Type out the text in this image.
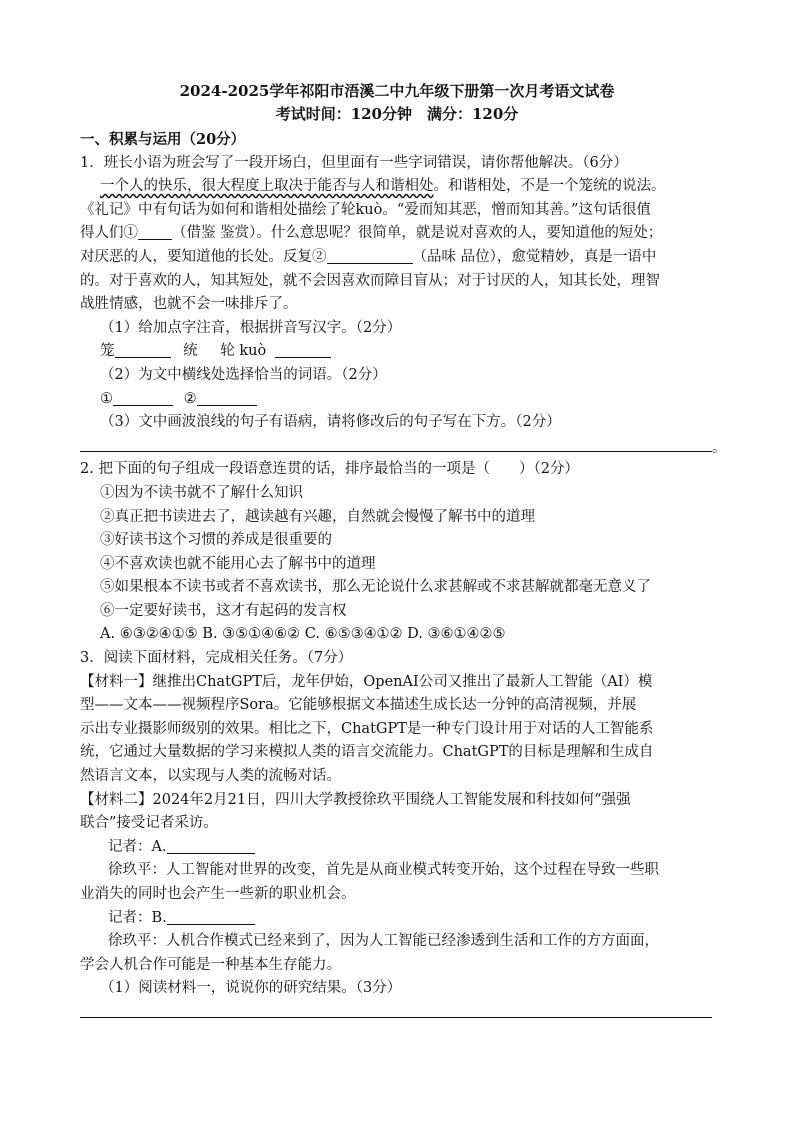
2024-2025学年祁阳市浯溪二中九年级下册第一次月考语文试卷
考试时间：120分钟　满分：120分
一、积累与运用（20分）
1．班长小语为班会写了一段开场白，但里面有一些字词错误，请你帮他解决。（6分）
一个人的快乐，很大程度上取决于能否与人和谐相处。和谐相处，不是一个笼统的说法。
《礼记》中有句话为如何和谐相处描绘了轮kuò。“爱而知其恶，憎而知其善。”这句话很值
得人们① （借鉴 鉴赏）。什么意思呢？很简单，就是说对喜欢的人，要知道他的短处；
对厌恶的人，要知道他的长处。反复②	（品味 品位），愈觉精妙，真是一语中
的。对于喜欢的人，知其短处，就不会因喜欢而障目盲从；对于讨厌的人，知其长处，理智
战胜情感，也就不会一味排斥了。
（1）给加点字注音，根据拼音写汉字。（2分）
笼	统 轮 kuò
（2）为文中横线处选择恰当的词语。（2分）
①	②
（3）文中画波浪线的句子有语病，请将修改后的句子写在下方。（2分）
。
2. 把下面的句子组成一段语意连贯的话，排序最恰当的一项是（　　）（2分）
①因为不读书就不了解什么知识
②真正把书读进去了，越读越有兴趣，自然就会慢慢了解书中的道理
③好读书这个习惯的养成是很重要的
④不喜欢读也就不能用心去了解书中的道理
⑤如果根本不读书或者不喜欢读书，那么无论说什么求甚解或不求甚解就都毫无意义了
⑥一定要好读书，这才有起码的发言权
A. ⑥③②④①⑤ B. ③⑤①④⑥② C. ⑥⑤③④①② D. ③⑥①④②⑤
3．阅读下面材料，完成相关任务。（7分）
【材料一】继推出ChatGPT后，龙年伊始，OpenAI公司又推出了最新人工智能（AI）模
型——文本——视频程序Sora。它能够根据文本描述生成长达一分钟的高清视频，并展
示出专业摄影师级别的效果。相比之下，ChatGPT是一种专门设计用于对话的人工智能系
统，它通过大量数据的学习来模拟人类的语言交流能力。ChatGPT的目标是理解和生成自
然语言文本，以实现与人类的流畅对话。
【材料二】2024年2月21日，四川大学教授徐玖平围绕人工智能发展和科技如何“强强
联合”接受记者采访。
记者：A.
徐玖平：人工智能对世界的改变，首先是从商业模式转变开始，这个过程在导致一些职
业消失的同时也会产生一些新的职业机会。
记者：B.
徐玖平：人机合作模式已经来到了，因为人工智能已经渗透到生活和工作的方方面面，
学会人机合作可能是一种基本生存能力。
（1）阅读材料一，说说你的研究结果。（3分）
